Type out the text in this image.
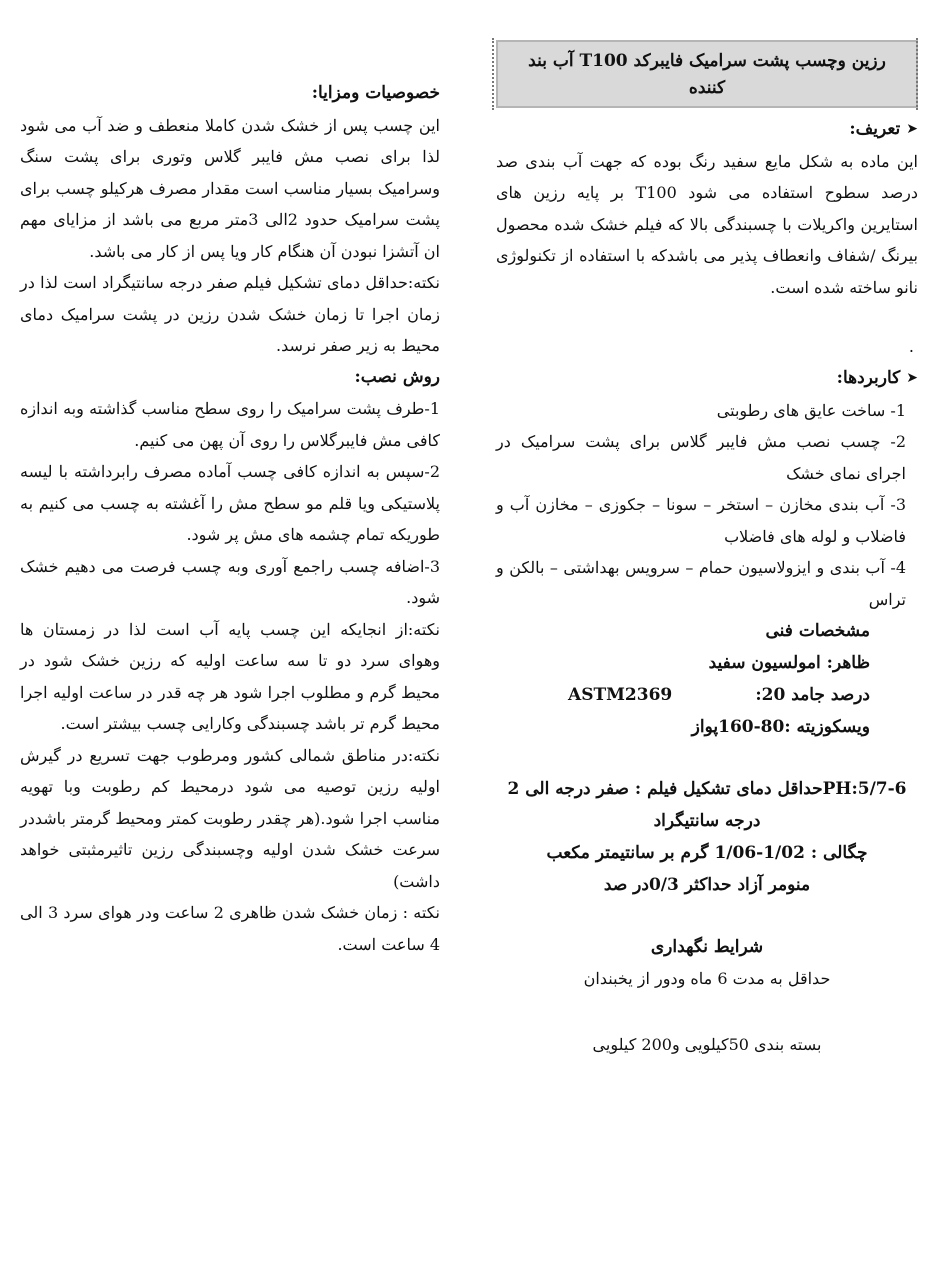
رزین وچسب پشت سرامیک فایبرکد T100 آب بند کننده
➤
تعریف:

این ماده به شکل مایع سفید رنگ بوده که جهت آب بندی صد درصد سطوح استفاده می شود T100 بر پایه رزین های استایرین واکریلات با چسبندگی بالا که فیلم خشک شده محصول بیرنگ /شفاف وانعطاف پذیر می باشدکه با استفاده از تکنولوژی نانو ساخته شده است.

.
➤
کاربردها:

1- ساخت عایق های رطوبتی

2- چسب نصب مش فایبر گلاس برای پشت سرامیک در اجرای نمای خشک

3- آب بندی مخازن – استخر – سونا – جکوزی – مخازن آب و فاضلاب و لوله های فاضلاب

4- آب بندی و ایزولاسیون حمام – سرویس بهداشتی – بالکن و تراس

مشخصات فنی
ظاهر: امولسیون سفید
درصد جامد 20:
ASTM2369
ویسکوزیته :80-160پواز
PH:5/7-6حداقل دمای تشکیل فیلم : صفر درجه الی 2 درجه سانتیگراد
چگالی : 1/02-1/06 گرم بر سانتیمتر مکعب
منومر آزاد حداکثر 0/3در صد
شرایط نگهداری

حداقل به مدت 6 ماه ودور از یخبندان

بسته بندی 50کیلویی و200 کیلویی

خصوصیات ومزایا:

این چسب پس از خشک شدن کاملا منعطف و ضد آب می شود لذا برای نصب مش فایبر گلاس وتوری برای پشت سنگ وسرامیک بسیار مناسب است مقدار مصرف هرکیلو چسب برای پشت سرامیک حدود 2الی 3متر مربع می باشد از مزایای مهم ان آتشزا نبودن آن هنگام کار ویا پس از کار می باشد.

نکته:حداقل دمای تشکیل فیلم صفر درجه سانتیگراد است لذا در زمان اجرا تا زمان خشک شدن رزین در پشت سرامیک دمای محیط به زیر صفر نرسد.

روش نصب:

1-طرف پشت سرامیک را روی سطح مناسب گذاشته وبه اندازه کافی مش فایبرگلاس را روی آن پهن می کنیم.

2-سپس به اندازه کافی چسب آماده مصرف رابرداشته با لیسه پلاستیکی ویا قلم مو سطح مش را آغشته به چسب می کنیم به طوریکه تمام چشمه های مش پر شود.

3-اضافه چسب راجمع آوری وبه چسب فرصت می دهیم خشک شود.

نکته:از انجایکه این چسب پایه آب است لذا در زمستان ها وهوای سرد دو تا سه ساعت اولیه که رزین خشک شود در محیط گرم و مطلوب اجرا شود هر چه قدر در ساعت اولیه اجرا محیط گرم تر باشد چسبندگی وکارایی چسب بیشتر است.

نکته:در مناطق شمالی کشور ومرطوب جهت تسریع در گیرش اولیه رزین توصیه می شود درمحیط کم رطوبت وبا تهویه مناسب اجرا شود.(هر چقدر رطوبت کمتر ومحیط گرمتر باشددر سرعت خشک شدن اولیه وچسبندگی رزین تاثیرمثبتی خواهد داشت)

نکته : زمان خشک شدن ظاهری 2 ساعت ودر هوای سرد 3 الی 4 ساعت است.
